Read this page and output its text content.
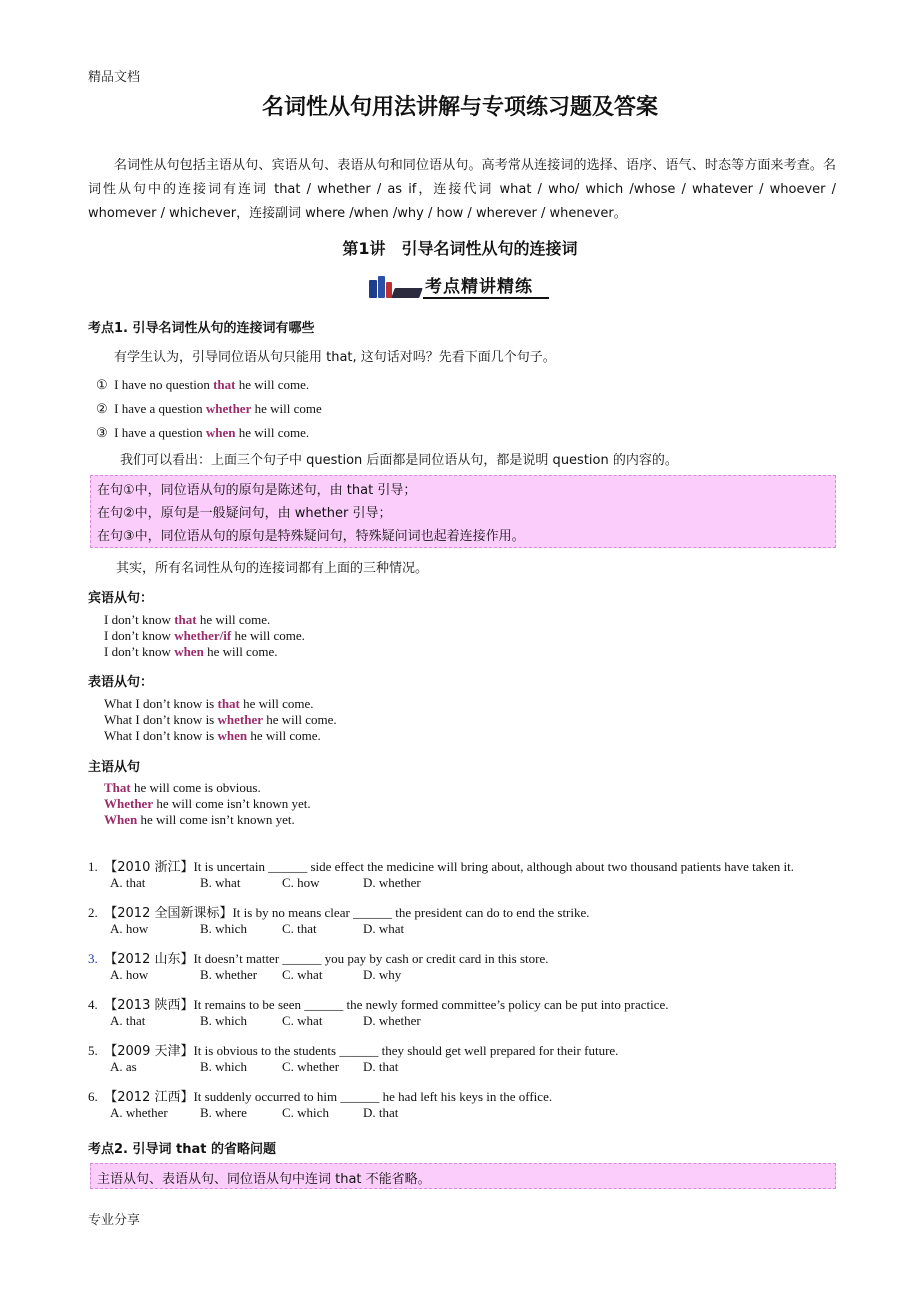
精品文档
名词性从句用法讲解与专项练习题及答案
名词性从句包括主语从句、宾语从句、表语从句和同位语从句。高考常从连接词的选择、语序、语气、时态等方面来考查。名词性从句中的连接词有连词 that / whether / as if，连接代词 what / who/ which /whose / whatever / whoever / whomever / whichever，连接副词 where /when /why / how / wherever / whenever。
第1讲　引导名词性从句的连接词
考点精讲精练
考点1. 引导名词性从句的连接词有哪些
有学生认为，引导同位语从句只能用 that, 这句话对吗？先看下面几个句子。
① I have no question that he will come.
② I have a question whether he will come
③ I have a question when he will come.
我们可以看出：上面三个句子中 question 后面都是同位语从句，都是说明 question 的内容的。
在句①中，同位语从句的原句是陈述句，由 that 引导；
在句②中，原句是一般疑问句，由 whether 引导；
在句③中，同位语从句的原句是特殊疑问句，特殊疑问词也起着连接作用。
其实，所有名词性从句的连接词都有上面的三种情况。
宾语从句：
I don’t know that he will come.
I don’t know whether/if he will come.
I don’t know when he will come.
表语从句：
What I don’t know is that he will come.
What I don’t know is whether he will come.
What I don’t know is when he will come.
主语从句
That he will come is obvious.
Whether he will come isn’t known yet.
When he will come isn’t known yet.
1. 【2010 浙江】It is uncertain ______ side effect the medicine will bring about, although about two thousand patients have taken it.
A. that	B. what	C. how	D. whether
2. 【2012 全国新课标】It is by no means clear ______ the president can do to end the strike.
A. how	B. which	C. that	D. what
3. 【2012 山东】It doesn’t matter ______ you pay by cash or credit card in this store.
A. how	B. whether C. what	D. why
4. 【2013 陕西】It remains to be seen ______ the newly formed committee’s policy can be put into practice.
A. that	B. which	C. what	D. whether
5. 【2009 天津】It is obvious to the students ______ they should get well prepared for their future.
A. as	B. which	C. whether D. that
6. 【2012 江西】It suddenly occurred to him ______ he had left his keys in the office.
A. whether B. where	C. which	D. that
考点2. 引导词 that 的省略问题
主语从句、表语从句、同位语从句中连词 that 不能省略。
专业分享
